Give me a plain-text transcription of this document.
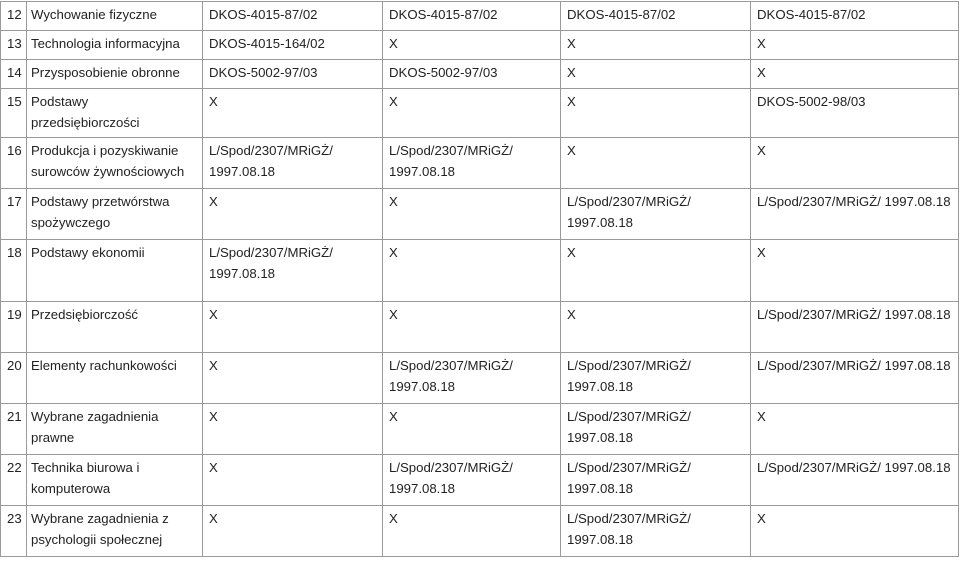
12	Wychowanie fizyczne	DKOS-4015-87/02	DKOS-4015-87/02	DKOS-4015-87/02	DKOS-4015-87/02
13	Technologia informacyjna	DKOS-4015-164/02	X	X	X
14	Przysposobienie obronne	DKOS-5002-97/03	DKOS-5002-97/03	X	X
15	Podstawy przedsiębiorczości	X	X	X	DKOS-5002-98/03
16	Produkcja i pozyskiwanie surowców żywnościowych	L/Spod/2307/MRiGŻ/ 1997.08.18	L/Spod/2307/MRiGŻ/ 1997.08.18	X	X
17	Podstawy przetwórstwa spożywczego	X	X	L/Spod/2307/MRiGŻ/ 1997.08.18	L/Spod/2307/MRiGŻ/ 1997.08.18
18	Podstawy ekonomii	L/Spod/2307/MRiGŻ/ 1997.08.18	X	X	X
19	Przedsiębiorczość	X	X	X	L/Spod/2307/MRiGŻ/ 1997.08.18
20	Elementy rachunkowości	X	L/Spod/2307/MRiGŻ/ 1997.08.18	L/Spod/2307/MRiGŻ/ 1997.08.18	L/Spod/2307/MRiGŻ/ 1997.08.18
21	Wybrane zagadnienia prawne	X	X	L/Spod/2307/MRiGŻ/ 1997.08.18	X
22	Technika biurowa i komputerowa	X	L/Spod/2307/MRiGŻ/ 1997.08.18	L/Spod/2307/MRiGŻ/ 1997.08.18	L/Spod/2307/MRiGŻ/ 1997.08.18
23	Wybrane zagadnienia z psychologii społecznej	X	X	L/Spod/2307/MRiGŻ/ 1997.08.18	X
